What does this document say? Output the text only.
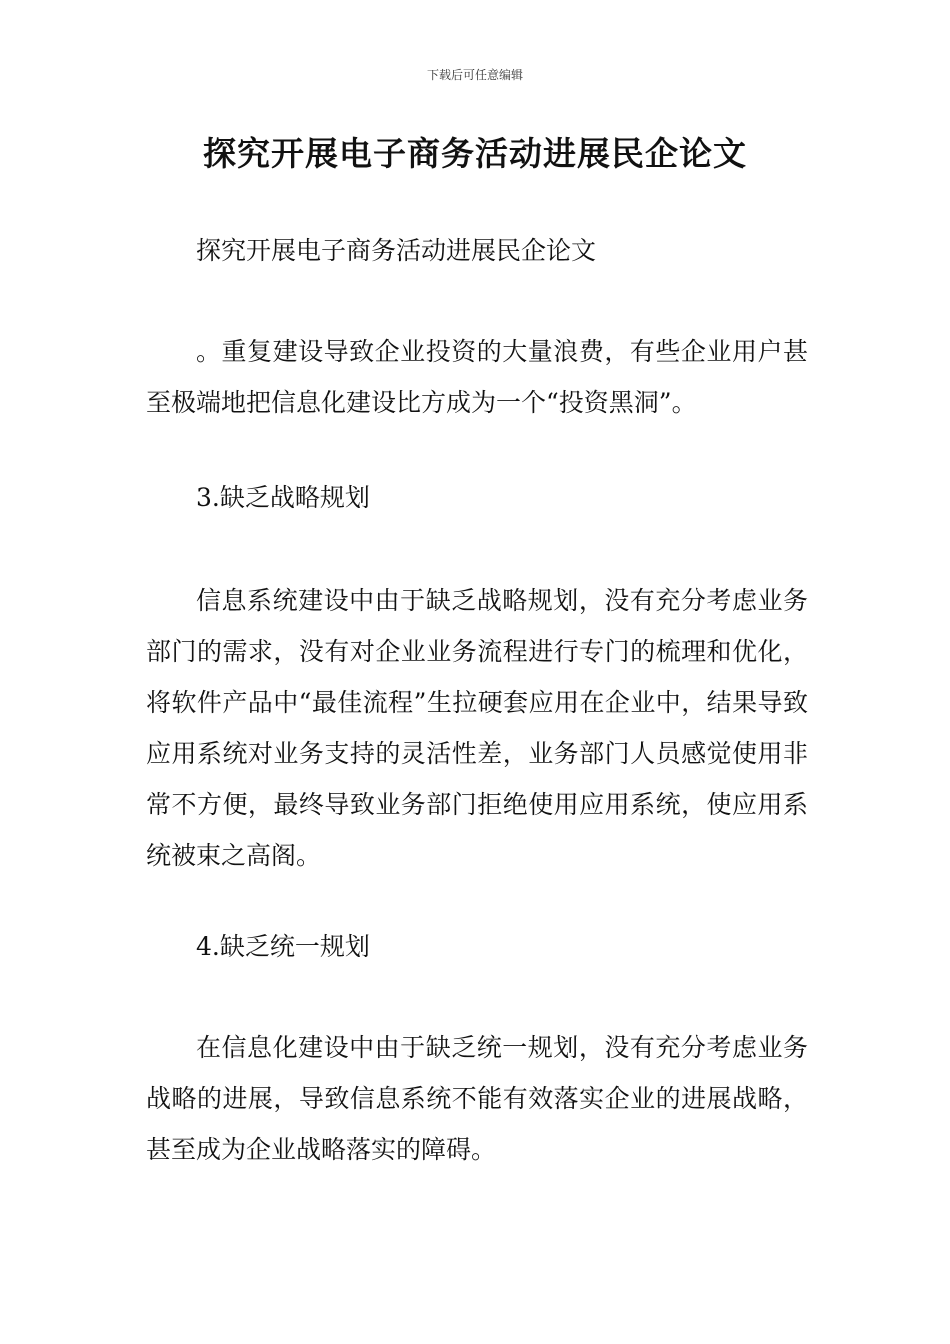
下载后可任意编辑
探究开展电子商务活动进展民企论文

探究开展电子商务活动进展民企论文

。重复建设导致企业投资的大量浪费，有些企业用户甚至极端地把信息化建设比方成为一个“投资黑洞”。

3.缺乏战略规划

信息系统建设中由于缺乏战略规划，没有充分考虑业务部门的需求，没有对企业业务流程进行专门的梳理和优化，将软件产品中“最佳流程”生拉硬套应用在企业中，结果导致应用系统对业务支持的灵活性差，业务部门人员感觉使用非常不方便，最终导致业务部门拒绝使用应用系统，使应用系统被束之高阁。

4.缺乏统一规划

在信息化建设中由于缺乏统一规划，没有充分考虑业务战略的进展，导致信息系统不能有效落实企业的进展战略，甚至成为企业战略落实的障碍。
